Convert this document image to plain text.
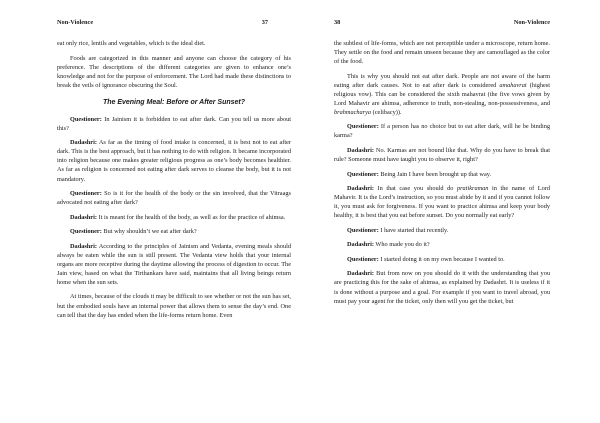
Non-Violence	37

eat only rice, lentils and vegetables, which is the ideal diet.

Foods are categorized in this manner and anyone can choose the category of his preference. The descriptions of the different categories are given to enhance one’s knowledge and not for the purpose of enforcement. The Lord had made these distinctions to break the veils of ignorance obscuring the Soul.

The Evening Meal: Before or After Sunset?

Questioner: In Jainism it is forbidden to eat after dark. Can you tell us more about this?

Dadashri: As far as the timing of food intake is concerned, it is best not to eat after dark. This is the best approach, but it has nothing to do with religion. It became incorporated into religion because one makes greater religious progress as one’s body becomes healthier. As far as religion is concerned not eating after dark serves to cleanse the body, but it is not mandatory.

Questioner: So is it for the health of the body or the sin involved, that the Vitraags advocated not eating after dark?

Dadashri: It is meant for the health of the body, as well as for the practice of ahimsa.

Questioner: But why shouldn’t we eat after dark?

Dadashri: According to the principles of Jainism and Vedanta, evening meals should always be eaten while the sun is still present. The Vedanta view holds that your internal organs are more receptive during the daytime allowing the process of digestion to occur. The Jain view, based on what the Tirthankars have said, maintains that all living beings return home when the sun sets.

At times, because of the clouds it may be difficult to see whether or not the sun has set, but the embodied souls have an internal power that allows them to sense the day’s end. One can tell that the day has ended when the life-forms return home. Even

38	Non-Violence

the subtlest of life-forms, which are not perceptible under a microscope, return home. They settle on the food and remain unseen because they are camouflaged as the color of the food.

This is why you should not eat after dark. People are not aware of the harm eating after dark causes. Not to eat after dark is considered amahavrat (highest religious vow). This can be considered the sixth mahavrat (the five vows given by Lord Mahavir are ahimsa, adherence to truth, non-stealing, non-possessiveness, and brahmacharya (celibacy)).

Questioner: If a person has no choice but to eat after dark, will he be binding karma?

Dadashri: No. Karmas are not bound like that. Why do you have to break that rule? Someone must have taught you to observe it, right?

Questioner: Being Jain I have been brought up that way.

Dadashri: In that case you should do pratikraman in the name of Lord Mahavir. It is the Lord’s instruction, so you must abide by it and if you cannot follow it, you must ask for forgiveness. If you want to practice ahimsa and keep your body healthy, it is best that you eat before sunset. Do you normally eat early?

Questioner: I have started that recently.

Dadashri: Who made you do it?

Questioner: I started doing it on my own because I wanted to.

Dadashri: But from now on you should do it with the understanding that you are practicing this for the sake of ahimsa, as explained by Dadashri. It is useless if it is done without a purpose and a goal. For example if you want to travel abroad, you must pay your agent for the ticket, only then will you get the ticket, but
